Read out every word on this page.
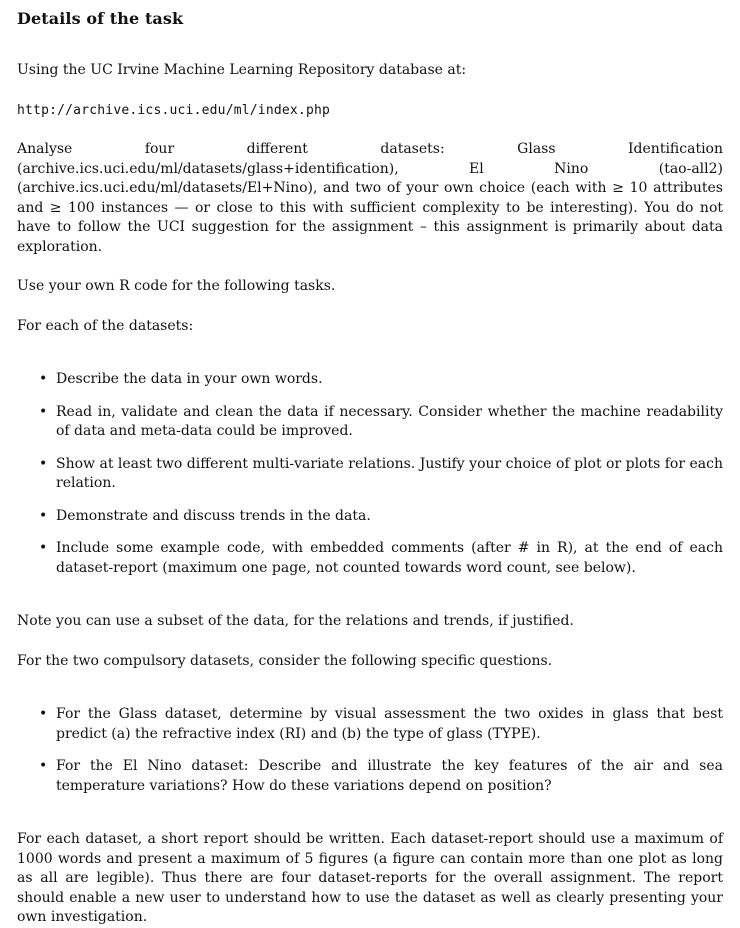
Details of the task

Using the UC Irvine Machine Learning Repository database at:

http://archive.ics.uci.edu/ml/index.php

Analyse four different datasets: Glass Identification (archive.ics.uci.edu/ml/datasets/glass+identification), El Nino (tao-all2) (archive.ics.uci.edu/ml/datasets/El+Nino), and two of your own choice (each with ≥ 10 attributes and ≥ 100 instances — or close to this with sufficient complexity to be interesting). You do not have to follow the UCI suggestion for the assignment – this assignment is primarily about data exploration.

Use your own R code for the following tasks.

For each of the datasets:

• Describe the data in your own words.
• Read in, validate and clean the data if necessary. Consider whether the machine readability of data and meta-data could be improved.
• Show at least two different multi-variate relations. Justify your choice of plot or plots for each relation.
• Demonstrate and discuss trends in the data.
• Include some example code, with embedded comments (after # in R), at the end of each dataset-report (maximum one page, not counted towards word count, see below).

Note you can use a subset of the data, for the relations and trends, if justified.

For the two compulsory datasets, consider the following specific questions.

• For the Glass dataset, determine by visual assessment the two oxides in glass that best predict (a) the refractive index (RI) and (b) the type of glass (TYPE).
• For the El Nino dataset: Describe and illustrate the key features of the air and sea temperature variations? How do these variations depend on position?

For each dataset, a short report should be written. Each dataset-report should use a maximum of 1000 words and present a maximum of 5 figures (a figure can contain more than one plot as long as all are legible). Thus there are four dataset-reports for the overall assignment. The report should enable a new user to understand how to use the dataset as well as clearly presenting your own investigation.
